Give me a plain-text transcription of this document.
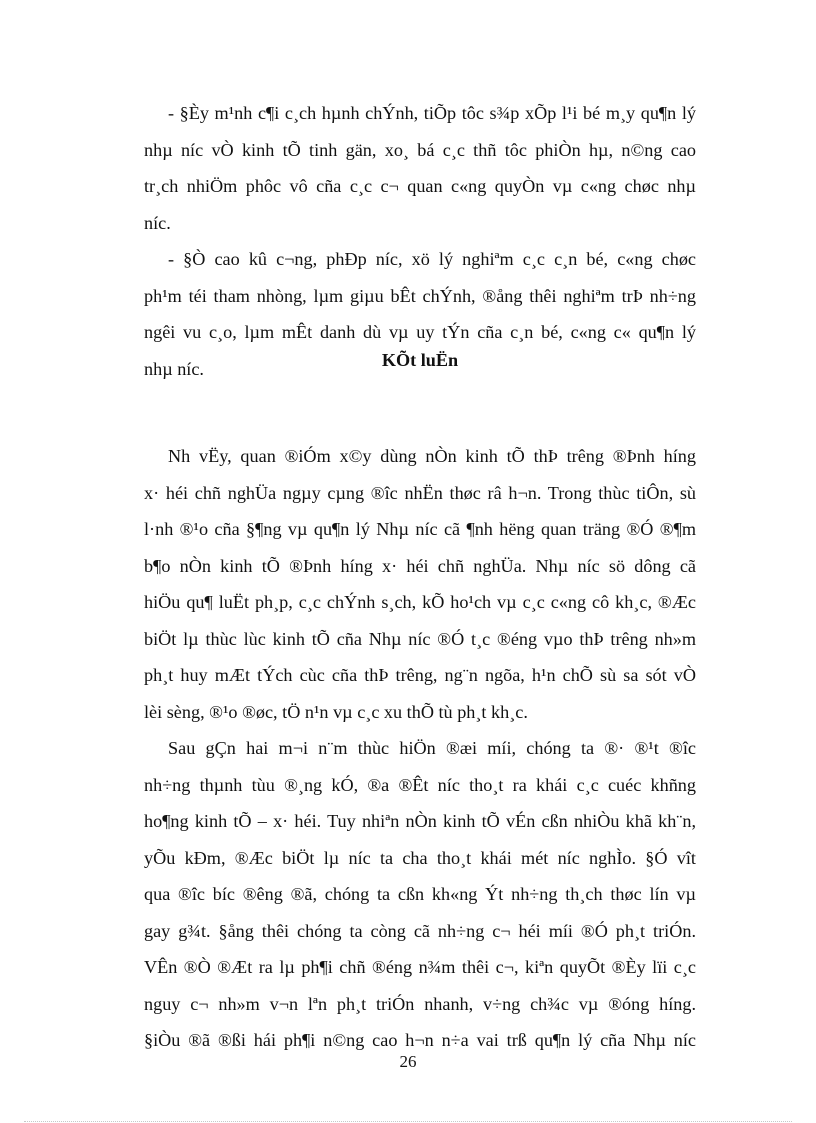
- §Èy m¹nh c¶i c¸ch hµnh chÝnh, tiÕp tôc s¾p xÕp l¹i bé m¸y qu¶n lý
nhµ níc vÒ kinh tÕ tinh gän, xo¸ bá c¸c thñ tôc phiÒn hµ, n©ng cao
tr¸ch nhiÖm phôc vô cña c¸c c¬ quan c«ng quyÒn vµ c«ng chøc nhµ
níc.
- §Ò cao kû c¬ng, phÐp níc, xö lý nghiªm c¸c c¸n bé, c«ng chøc
ph¹m téi tham nhòng, lµm giµu bÊt chÝnh, ®ång thêi nghiªm trÞ nh÷ng
ngêi vu c¸o, lµm mÊt danh dù vµ uy tÝn cña c¸n bé, c«ng c« qu¶n lý
nhµ níc.	KÕt luËn
Nh vËy, quan ®iÓm x©y dùng nÒn kinh tÕ thÞ trêng ®Þnh híng
x· héi chñ nghÜa ngµy cµng ®îc nhËn thøc râ h¬n. Trong thùc tiÔn, sù
l·nh ®¹o cña §¶ng vµ qu¶n lý Nhµ níc cã ¶nh hëng quan träng ®Ó ®¶m
b¶o nÒn kinh tÕ ®Þnh híng x· héi chñ nghÜa. Nhµ níc sö dông cã
hiÖu qu¶ luËt ph¸p, c¸c chÝnh s¸ch, kÕ ho¹ch vµ c¸c c«ng cô kh¸c, ®Æc
biÖt lµ thùc lùc kinh tÕ cña Nhµ níc ®Ó t¸c ®éng vµo thÞ trêng nh»m
ph¸t huy mÆt tÝch cùc cña thÞ trêng, ng¨n ngõa, h¹n chÕ sù sa sót vÒ
lèi sèng, ®¹o ®øc, tÖ n¹n vµ c¸c xu thÕ tù ph¸t kh¸c.
Sau gÇn hai m¬i n¨m thùc hiÖn ®æi míi, chóng ta ®· ®¹t ®îc
nh÷ng thµnh tùu ®¸ng kÓ, ®a ®Êt níc tho¸t ra khái c¸c cuéc khñng
ho¶ng kinh tÕ – x· héi. Tuy nhiªn nÒn kinh tÕ vÉn cßn nhiÒu khã kh¨n,
yÕu kÐm, ®Æc biÖt lµ níc ta cha tho¸t khái mét níc nghÌo. §Ó vît
qua ®îc bíc ®êng ®ã, chóng ta cßn kh«ng Ýt nh÷ng th¸ch thøc lín vµ
gay g¾t. §ång thêi chóng ta còng cã nh÷ng c¬ héi míi ®Ó ph¸t triÓn.
VÊn ®Ò ®Æt ra lµ ph¶i chñ ®éng n¾m thêi c¬, kiªn quyÕt ®Èy lïi c¸c
nguy c¬ nh»m v¬n lªn ph¸t triÓn nhanh, v÷ng ch¾c vµ ®óng híng.
§iÒu ®ã ®ßi hái ph¶i n©ng cao h¬n n÷a vai trß qu¶n lý cña Nhµ níc
26
